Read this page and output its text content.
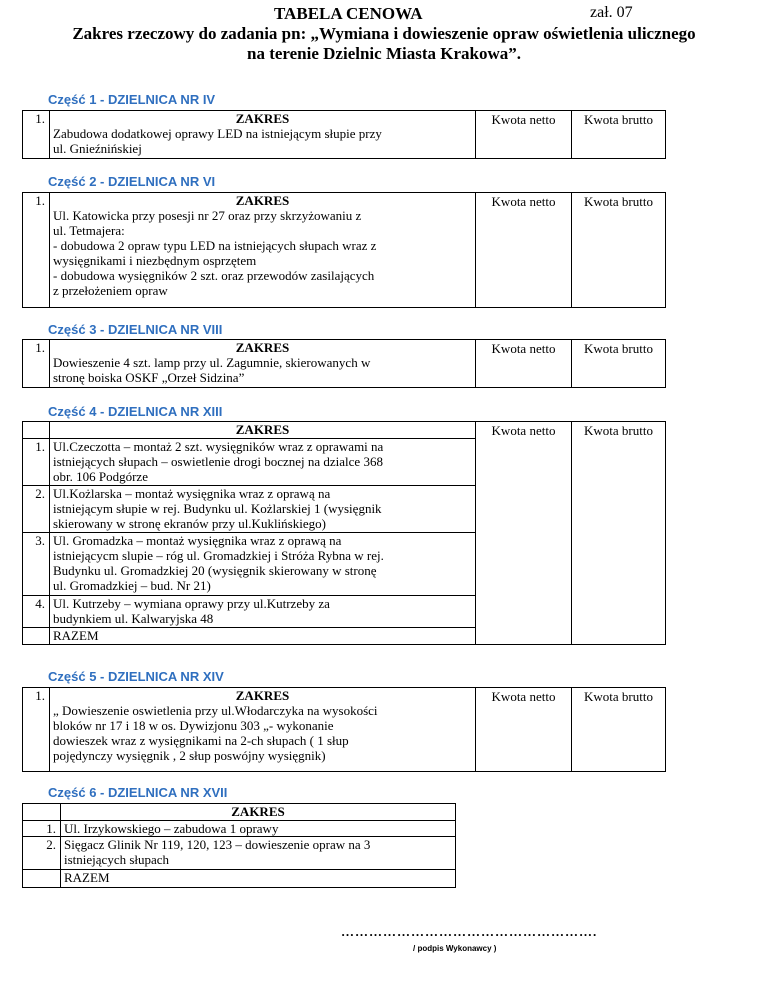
TABELA CENOWA	zał. 07
Zakres rzeczowy do zadania pn: „Wymiana i dowieszenie opraw oświetlenia ulicznego
na terenie Dzielnic Miasta Krakowa”.
Część 1 - DZIELNICA NR IV
1.	ZAKRES
Zabudowa dodatkowej oprawy LED na istniejącym słupie przy
ul. Gnieźnińskiej
	Kwota netto	Kwota brutto
Część 2 - DZIELNICA NR VI
1.	ZAKRES
Ul. Katowicka przy posesji nr 27 oraz przy skrzyżowaniu z
ul. Tetmajera:
- dobudowa 2 opraw typu LED na istniejących słupach wraz z
wysięgnikami i niezbędnym osprzętem
- dobudowa wysięgników 2 szt. oraz przewodów zasilających
z przełożeniem opraw
	Kwota netto	Kwota brutto
Część 3 - DZIELNICA NR VIII
1.	ZAKRES
Dowieszenie 4 szt. lamp przy ul. Zagumnie, skierowanych w
stronę boiska OSKF „Orzeł Sidzina”
	Kwota netto	Kwota brutto
Część 4 - DZIELNICA NR XIII
	ZAKRES	Kwota netto	Kwota brutto
1.	Ul.Czeczotta – montaż 2 szt. wysięgników wraz z oprawami na
istniejących słupach – oswietlenie drogi bocznej na dzialce 368
obr. 106 Podgórze		

2.	Ul.Kożlarska – montaż wysięgnika wraz z oprawą na
istniejącym słupie w rej. Budynku ul. Kożlarskiej 1 (wysięgnik
skierowany w stronę ekranów przy ul.Kuklińskiego)		

3.	Ul. Gromadzka – montaż wysięgnika wraz z oprawą na
istniejącycm slupie – róg ul. Gromadzkiej i Stróża Rybna w rej.
Budynku ul. Gromadzkiej 20 (wysięgnik skierowany w stronę
ul. Gromadzkiej – bud. Nr 21)		

4.	Ul. Kutrzeby – wymiana oprawy przy ul.Kutrzeby za
budynkiem ul. Kalwaryjska 48		

	RAZEM		
Część 5 - DZIELNICA NR XIV
1.	ZAKRES
„ Dowieszenie oswietlenia przy ul.Włodarczyka na wysokości
bloków nr 17 i 18 w os. Dywizjonu 303 „- wykonanie
dowieszek wraz z wysięgnikami na 2-ch słupach ( 1 słup
pojędynczy wysięgnik , 2 słup poswójny wysięgnik)
	Kwota netto	Kwota brutto
Część 6 - DZIELNICA NR XVII
	ZAKRES
1.	Ul. Irzykowskiego – zabudowa 1 oprawy
2.	Sięgacz Glinik Nr 119, 120, 123 – dowieszenie opraw na 3
istniejących słupach

	RAZEM
……………………………………………….
/ podpis Wykonawcy )
